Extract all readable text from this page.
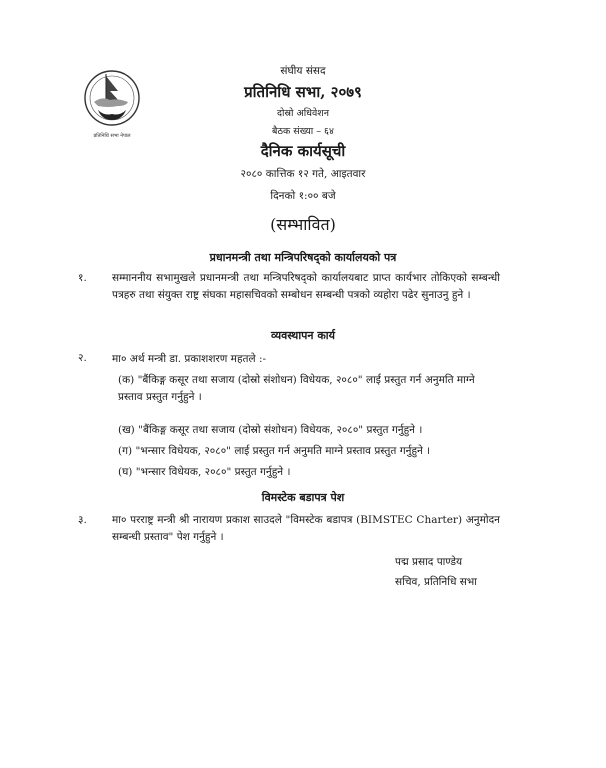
प्रतिनिधि सभा नेपाल
संघीय संसद
प्रतिनिधि सभा, २०७९
दोस्रो अधिवेशन
बैठक संख्या – ६४
दैनिक कार्यसूची
२०८० कात्तिक १२ गते, आइतवार
दिनको १:०० बजे
(सम्भावित)
प्रधानमन्त्री तथा मन्त्रिपरिषद्को कार्यालयको पत्र
१.	सम्माननीय सभामुखले प्रधानमन्त्री तथा मन्त्रिपरिषद्को कार्यालयबाट प्राप्त कार्यभार तोकिएको सम्बन्धी पत्रहरु तथा संयुक्त राष्ट्र संघका महासचिवको सम्बोधन सम्बन्धी पत्रको व्यहोरा पढेर सुनाउनु हुने ।
व्यवस्थापन कार्य
२.	मा० अर्थ मन्त्री डा. प्रकाशशरण महतले :-
(क) "बैंकिङ्ग कसूर तथा सजाय (दोस्रो संशोधन) विधेयक, २०८०" लाई प्रस्तुत गर्न अनुमति माग्ने प्रस्ताव प्रस्तुत गर्नुहुने ।
(ख) "बैंकिङ्ग कसूर तथा सजाय (दोस्रो संशोधन) विधेयक, २०८०" प्रस्तुत गर्नुहुने ।
(ग) "भन्सार विधेयक, २०८०" लाई प्रस्तुत गर्न अनुमति माग्ने प्रस्ताव प्रस्तुत गर्नुहुने ।
(घ) "भन्सार विधेयक, २०८०" प्रस्तुत गर्नुहुने ।
विमस्टेक बडापत्र पेश
३.	मा० परराष्ट्र मन्त्री श्री नारायण प्रकाश साउदले "विमस्टेक बडापत्र (BIMSTEC Charter) अनुमोदन सम्बन्धी प्रस्ताव" पेश गर्नुहुने ।
पद्म प्रसाद पाण्डेय
सचिव, प्रतिनिधि सभा
